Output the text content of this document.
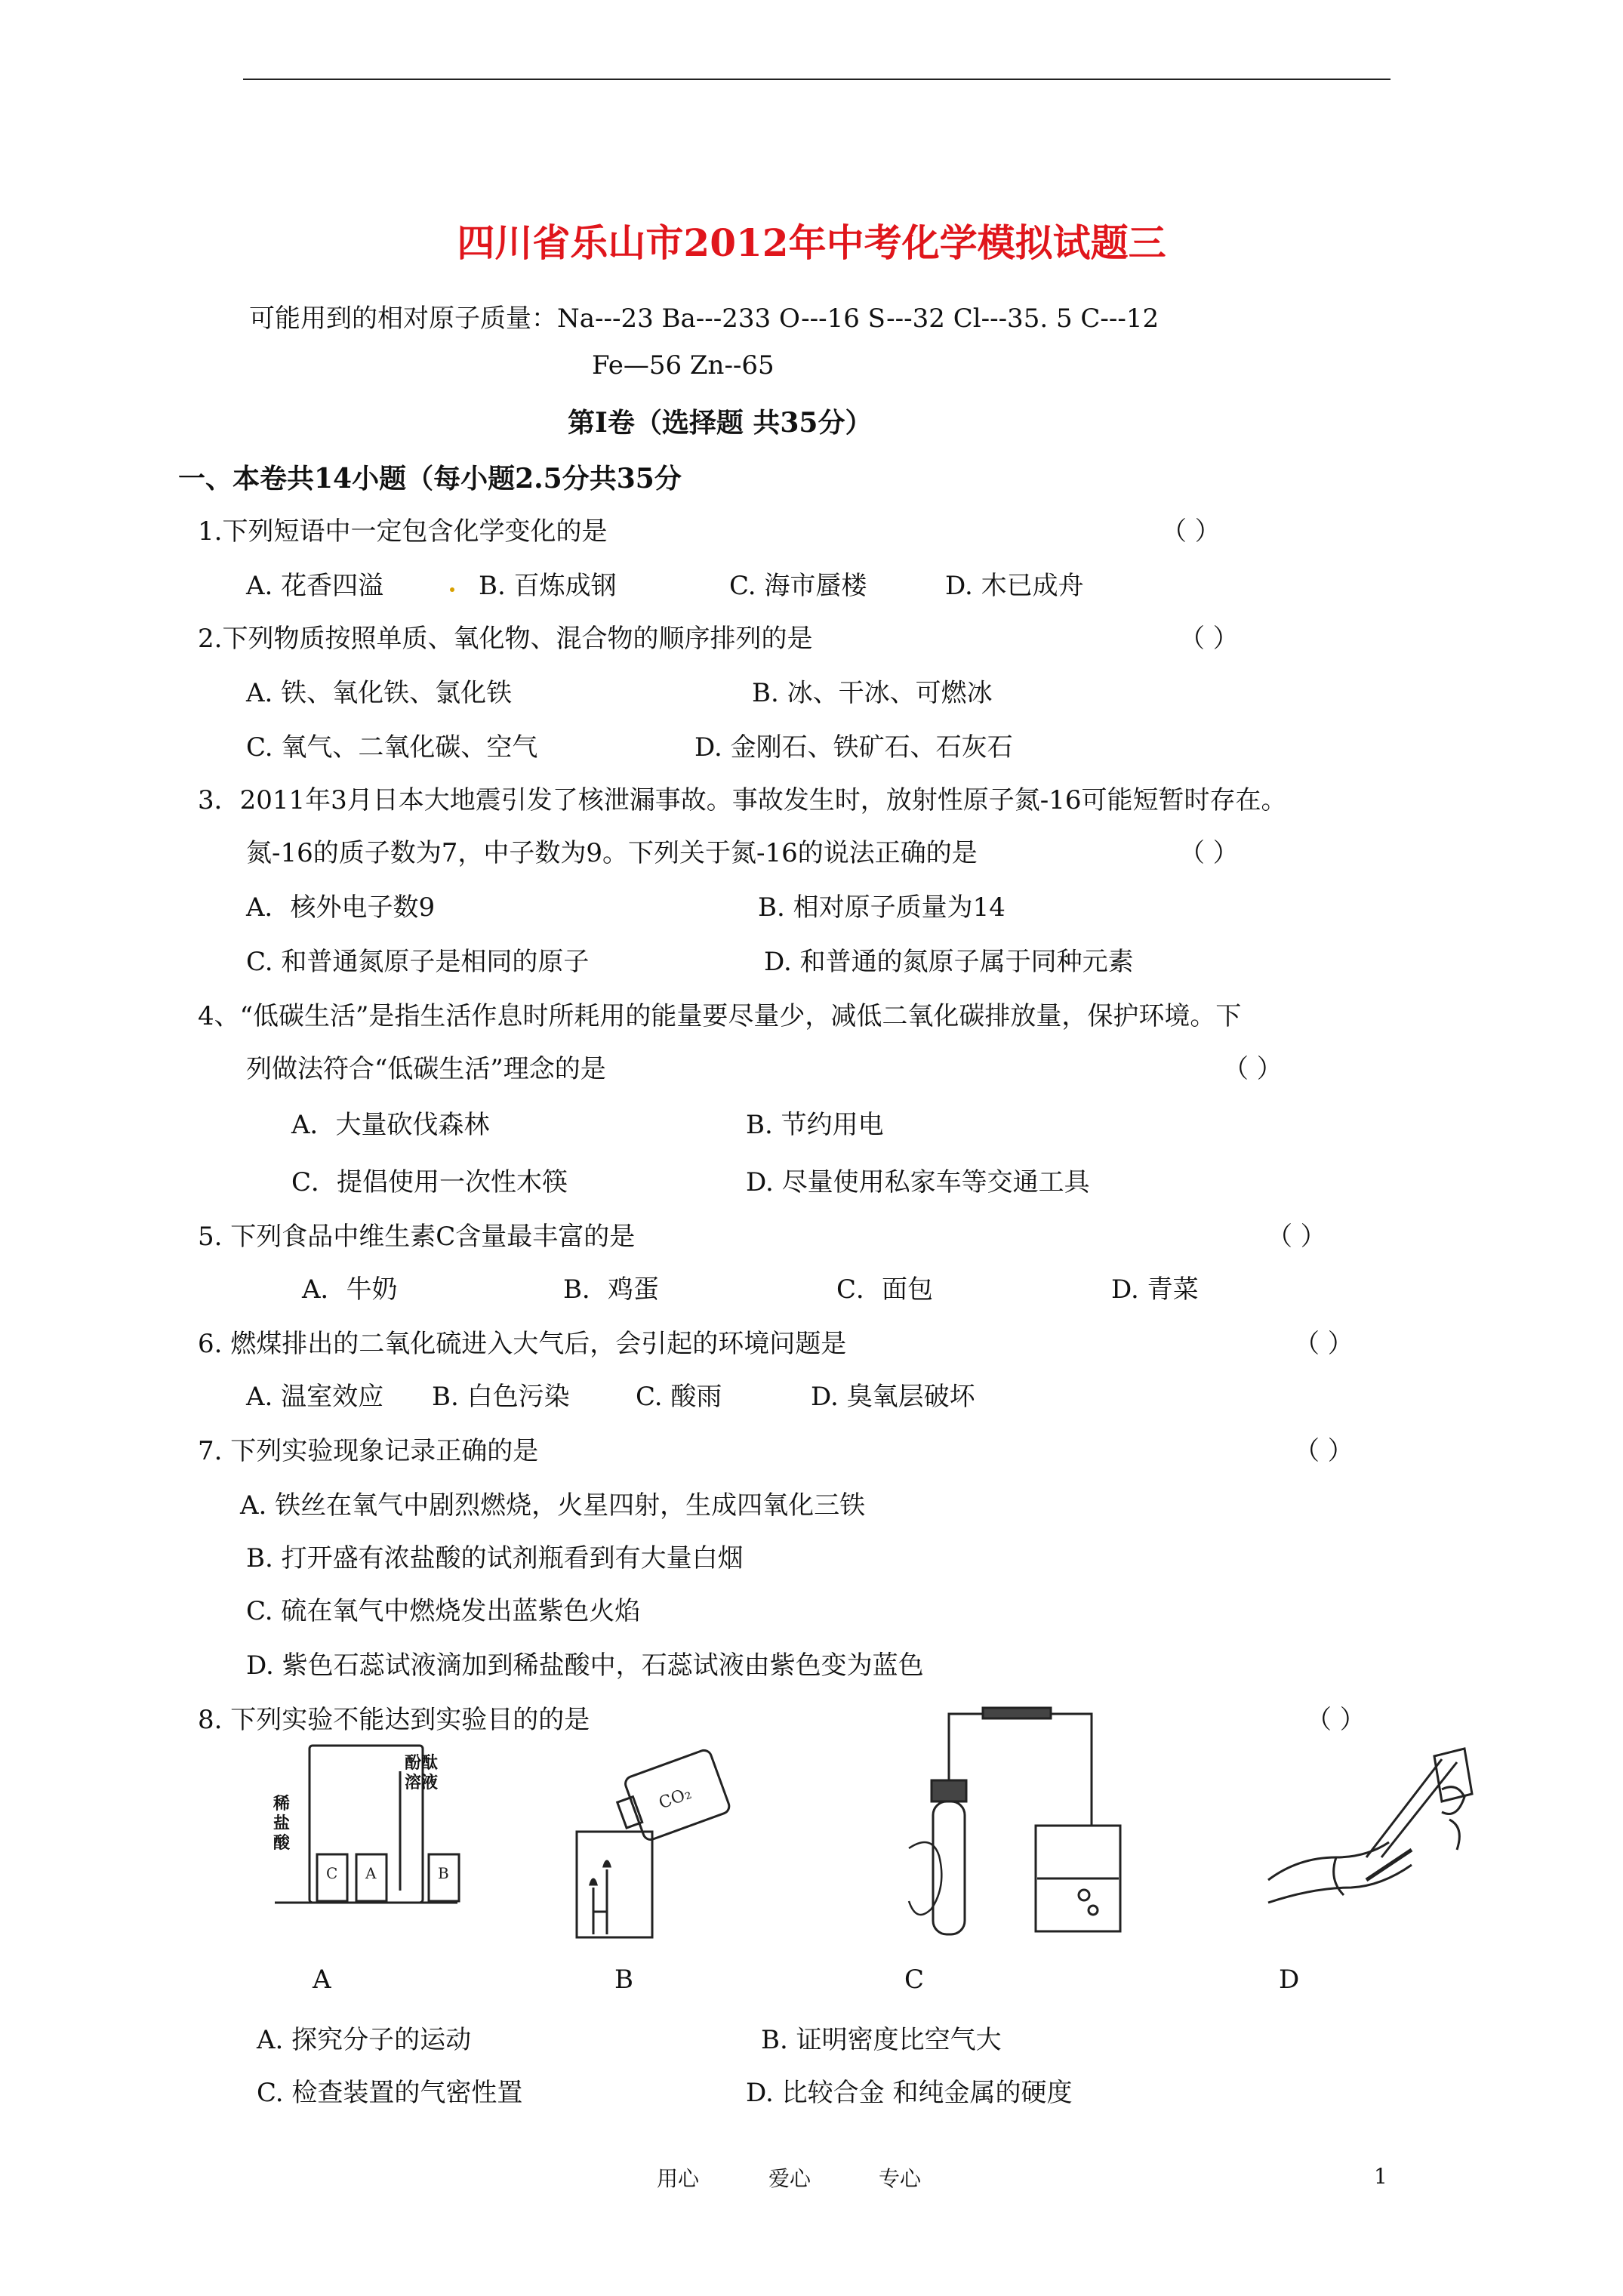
四川省乐山市2012年中考化学模拟试题三
可能用到的相对原子质量：Na---23 Ba---233 O---16 S---32 Cl---35. 5 C---12
Fe—56 Zn--65
第Ⅰ卷（选择题 共35分）
一、本卷共14小题（每小题2.5分共35分
1.下列短语中一定包含化学变化的是	（ ）
A. 花香四溢	B. 百炼成钢	C. 海市蜃楼	D. 木已成舟
2.下列物质按照单质、氧化物、混合物的顺序排列的是	（ ）
A. 铁、氧化铁、氯化铁	B. 冰、干冰、可燃冰
C. 氧气、二氧化碳、空气	D. 金刚石、铁矿石、石灰石
3．2011年3月日本大地震引发了核泄漏事故。事故发生时，放射性原子氮-16可能短暂时存在。
氮-16的质子数为7，中子数为9。下列关于氮-16的说法正确的是	（ ）
A．核外电子数9	B. 相对原子质量为14
C. 和普通氮原子是相同的原子	D. 和普通的氮原子属于同种元素
4、“低碳生活”是指生活作息时所耗用的能量要尽量少，减低二氧化碳排放量，保护环境。下
列做法符合“低碳生活”理念的是	（ ）
A．大量砍伐森林	B. 节约用电
C．提倡使用一次性木筷	D. 尽量使用私家车等交通工具
5. 下列食品中维生素C含量最丰富的是	（ ）
A．牛奶	B．鸡蛋	C．面包	D. 青菜
6. 燃煤排出的二氧化硫进入大气后，会引起的环境问题是	（ ）
A. 温室效应 B. 白色污染	C. 酸雨	D. 臭氧层破坏
7. 下列实验现象记录正确的是	（ ）
A. 铁丝在氧气中剧烈燃烧，火星四射，生成四氧化三铁
B. 打开盛有浓盐酸的试剂瓶看到有大量白烟
C. 硫在氧气中燃烧发出蓝紫色火焰
D. 紫色石蕊试液滴加到稀盐酸中，石蕊试液由紫色变为蓝色
8. 下列实验不能达到实验目的的是	（ ）
C A	B
稀盐酸
酚酞溶液
CO₂
A	B	C	D
A. 探究分子的运动	B. 证明密度比空气大
C. 检查装置的气密性置	D. 比较合金 和纯金属的硬度
用心	爱心	专心	1
